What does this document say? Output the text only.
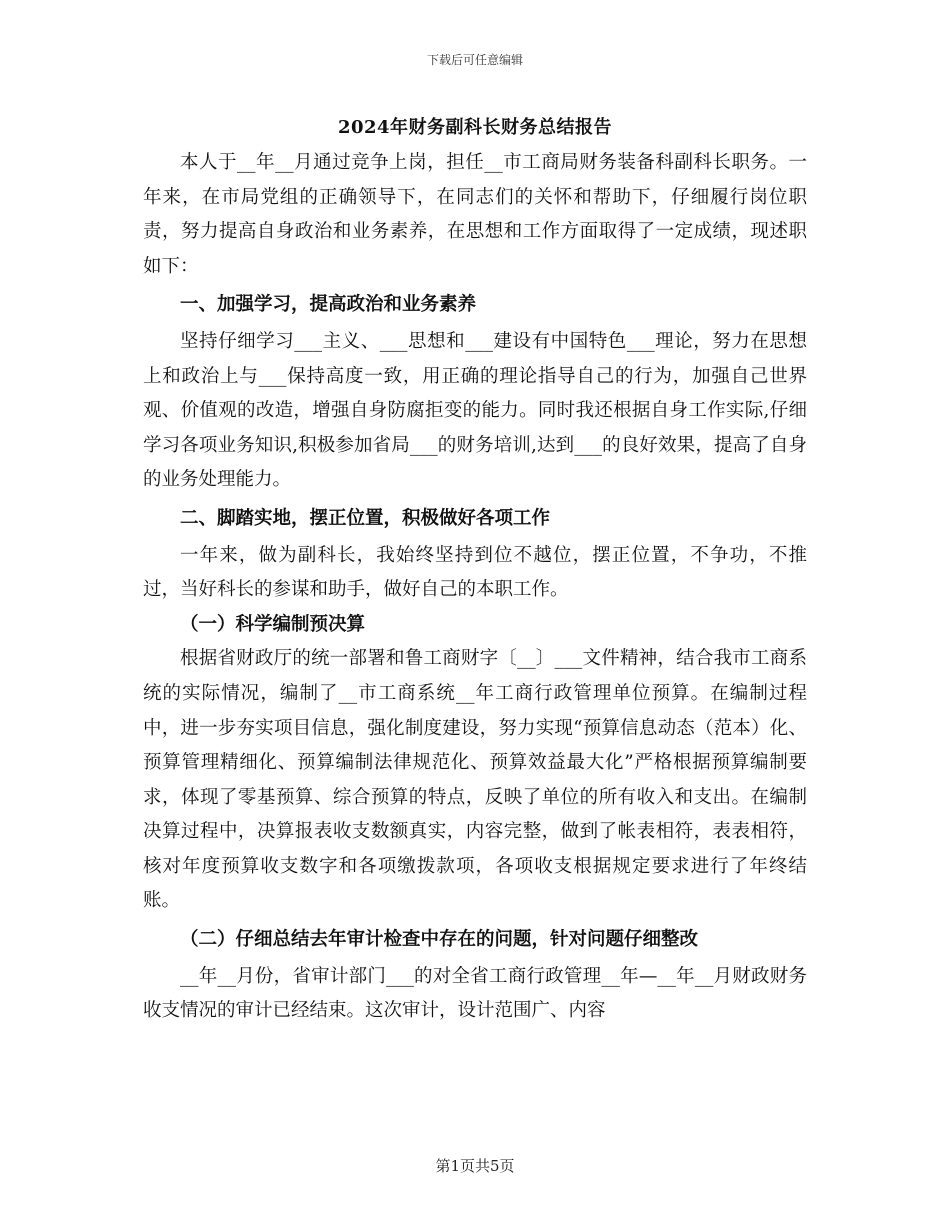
下载后可任意编辑
2024年财务副科长财务总结报告

本人于__年__月通过竞争上岗，担任__市工商局财务装备科副科长职务。一年来，在市局党组的正确领导下，在同志们的关怀和帮助下，仔细履行岗位职责，努力提高自身政治和业务素养，在思想和工作方面取得了一定成绩，现述职如下：

一、加强学习，提高政治和业务素养

坚持仔细学习___主义、___思想和___建设有中国特色___理论，努力在思想上和政治上与___保持高度一致，用正确的理论指导自己的行为，加强自己世界观、价值观的改造，增强自身防腐拒变的能力。同时我还根据自身工作实际,仔细学习各项业务知识,积极参加省局___的财务培训,达到___的良好效果，提高了自身的业务处理能力。

二、脚踏实地，摆正位置，积极做好各项工作

一年来，做为副科长，我始终坚持到位不越位，摆正位置，不争功，不推过，当好科长的参谋和助手，做好自己的本职工作。

（一）科学编制预决算

根据省财政厅的统一部署和鲁工商财字〔__〕___文件精神，结合我市工商系统的实际情况，编制了__市工商系统__年工商行政管理单位预算。在编制过程中，进一步夯实项目信息，强化制度建设，努力实现“预算信息动态（范本）化、预算管理精细化、预算编制法律规范化、预算效益最大化”严格根据预算编制要求，体现了零基预算、综合预算的特点，反映了单位的所有收入和支出。在编制决算过程中，决算报表收支数额真实，内容完整，做到了帐表相符，表表相符，核对年度预算收支数字和各项缴拨款项，各项收支根据规定要求进行了年终结账。

（二）仔细总结去年审计检查中存在的问题，针对问题仔细整改

__年__月份，省审计部门___的对全省工商行政管理__年—__年__月财政财务收支情况的审计已经结束。这次审计，设计范围广、内容

第1页共5页
